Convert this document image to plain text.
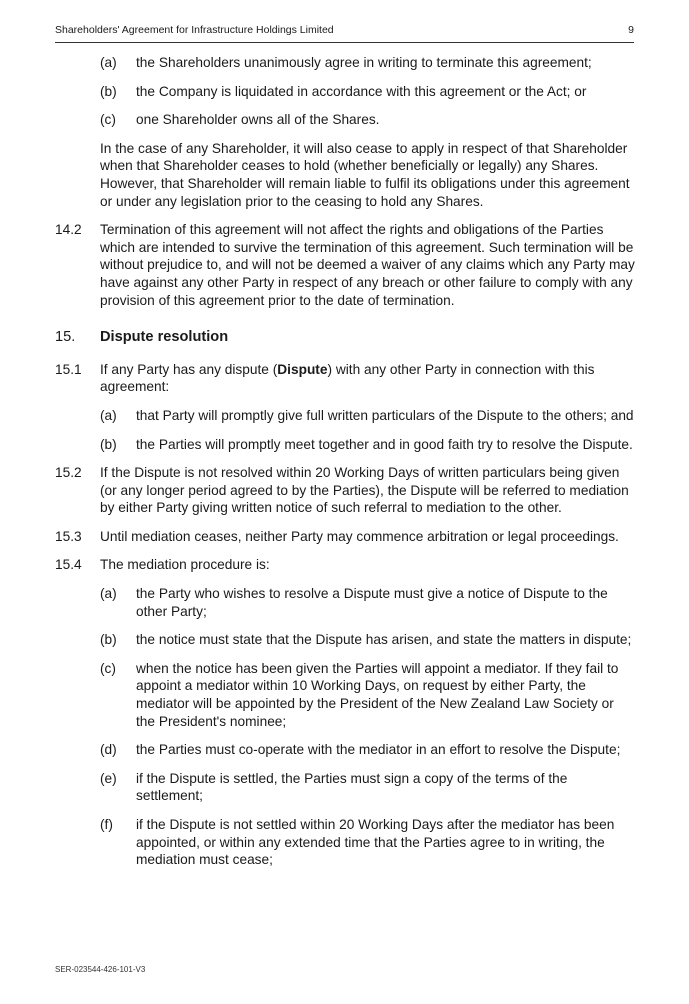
Shareholders' Agreement for Infrastructure Holdings Limited	9
(a) the Shareholders unanimously agree in writing to terminate this agreement;
(b) the Company is liquidated in accordance with this agreement or the Act; or
(c) one Shareholder owns all of the Shares.
In the case of any Shareholder, it will also cease to apply in respect of that Shareholder when that Shareholder ceases to hold (whether beneficially or legally) any Shares. However, that Shareholder will remain liable to fulfil its obligations under this agreement or under any legislation prior to the ceasing to hold any Shares.
14.2 Termination of this agreement will not affect the rights and obligations of the Parties which are intended to survive the termination of this agreement. Such termination will be without prejudice to, and will not be deemed a waiver of any claims which any Party may have against any other Party in respect of any breach or other failure to comply with any provision of this agreement prior to the date of termination.
15. Dispute resolution
15.1 If any Party has any dispute (Dispute) with any other Party in connection with this agreement:
(a) that Party will promptly give full written particulars of the Dispute to the others; and
(b) the Parties will promptly meet together and in good faith try to resolve the Dispute.
15.2 If the Dispute is not resolved within 20 Working Days of written particulars being given (or any longer period agreed to by the Parties), the Dispute will be referred to mediation by either Party giving written notice of such referral to mediation to the other.
15.3 Until mediation ceases, neither Party may commence arbitration or legal proceedings.
15.4 The mediation procedure is:
(a) the Party who wishes to resolve a Dispute must give a notice of Dispute to the other Party;
(b) the notice must state that the Dispute has arisen, and state the matters in dispute;
(c) when the notice has been given the Parties will appoint a mediator. If they fail to appoint a mediator within 10 Working Days, on request by either Party, the mediator will be appointed by the President of the New Zealand Law Society or the President's nominee;
(d) the Parties must co-operate with the mediator in an effort to resolve the Dispute;
(e) if the Dispute is settled, the Parties must sign a copy of the terms of the settlement;
(f) if the Dispute is not settled within 20 Working Days after the mediator has been appointed, or within any extended time that the Parties agree to in writing, the mediation must cease;
SER-023544-426-101-V3
